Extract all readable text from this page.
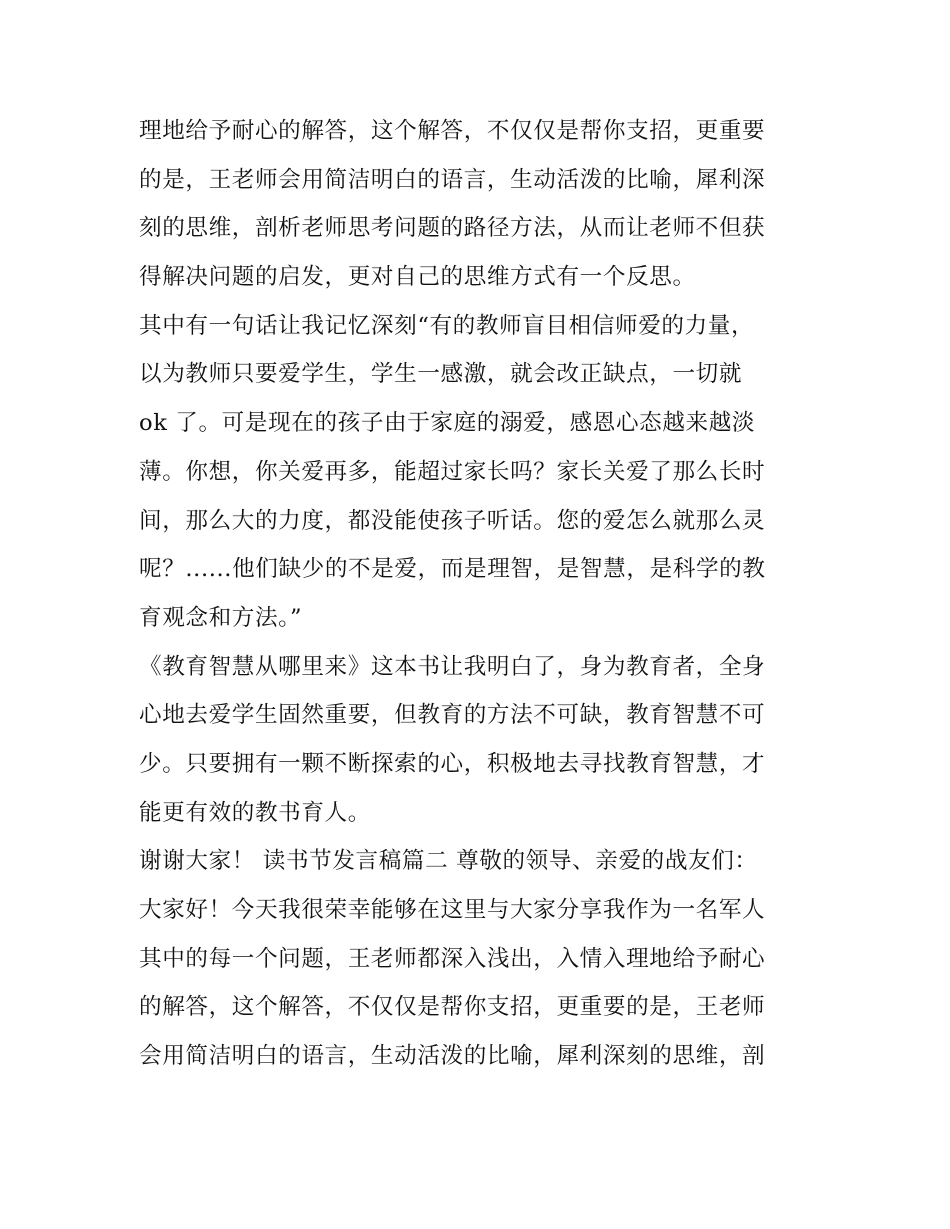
理地给予耐心的解答，这个解答，不仅仅是帮你支招，更重要
的是，王老师会用简洁明白的语言，生动活泼的比喻，犀利深
刻的思维，剖析老师思考问题的路径方法，从而让老师不但获
得解决问题的启发，更对自己的思维方式有一个反思。
其中有一句话让我记忆深刻“有的教师盲目相信师爱的力量，
以为教师只要爱学生，学生一感激，就会改正缺点，一切就
ok 了。可是现在的孩子由于家庭的溺爱，感恩心态越来越淡
薄。你想，你关爱再多，能超过家长吗？家长关爱了那么长时
间，那么大的力度，都没能使孩子听话。您的爱怎么就那么灵
呢？......他们缺少的不是爱，而是理智，是智慧，是科学的教
育观念和方法。”
《教育智慧从哪里来》这本书让我明白了，身为教育者，全身
心地去爱学生固然重要，但教育的方法不可缺，教育智慧不可
少。只要拥有一颗不断探索的心，积极地去寻找教育智慧，才
能更有效的教书育人。
谢谢大家！ 读书节发言稿篇二 尊敬的领导、亲爱的战友们：
大家好！今天我很荣幸能够在这里与大家分享我作为一名军人
其中的每一个问题，王老师都深入浅出，入情入理地给予耐心
的解答，这个解答，不仅仅是帮你支招，更重要的是，王老师
会用简洁明白的语言，生动活泼的比喻，犀利深刻的思维，剖
